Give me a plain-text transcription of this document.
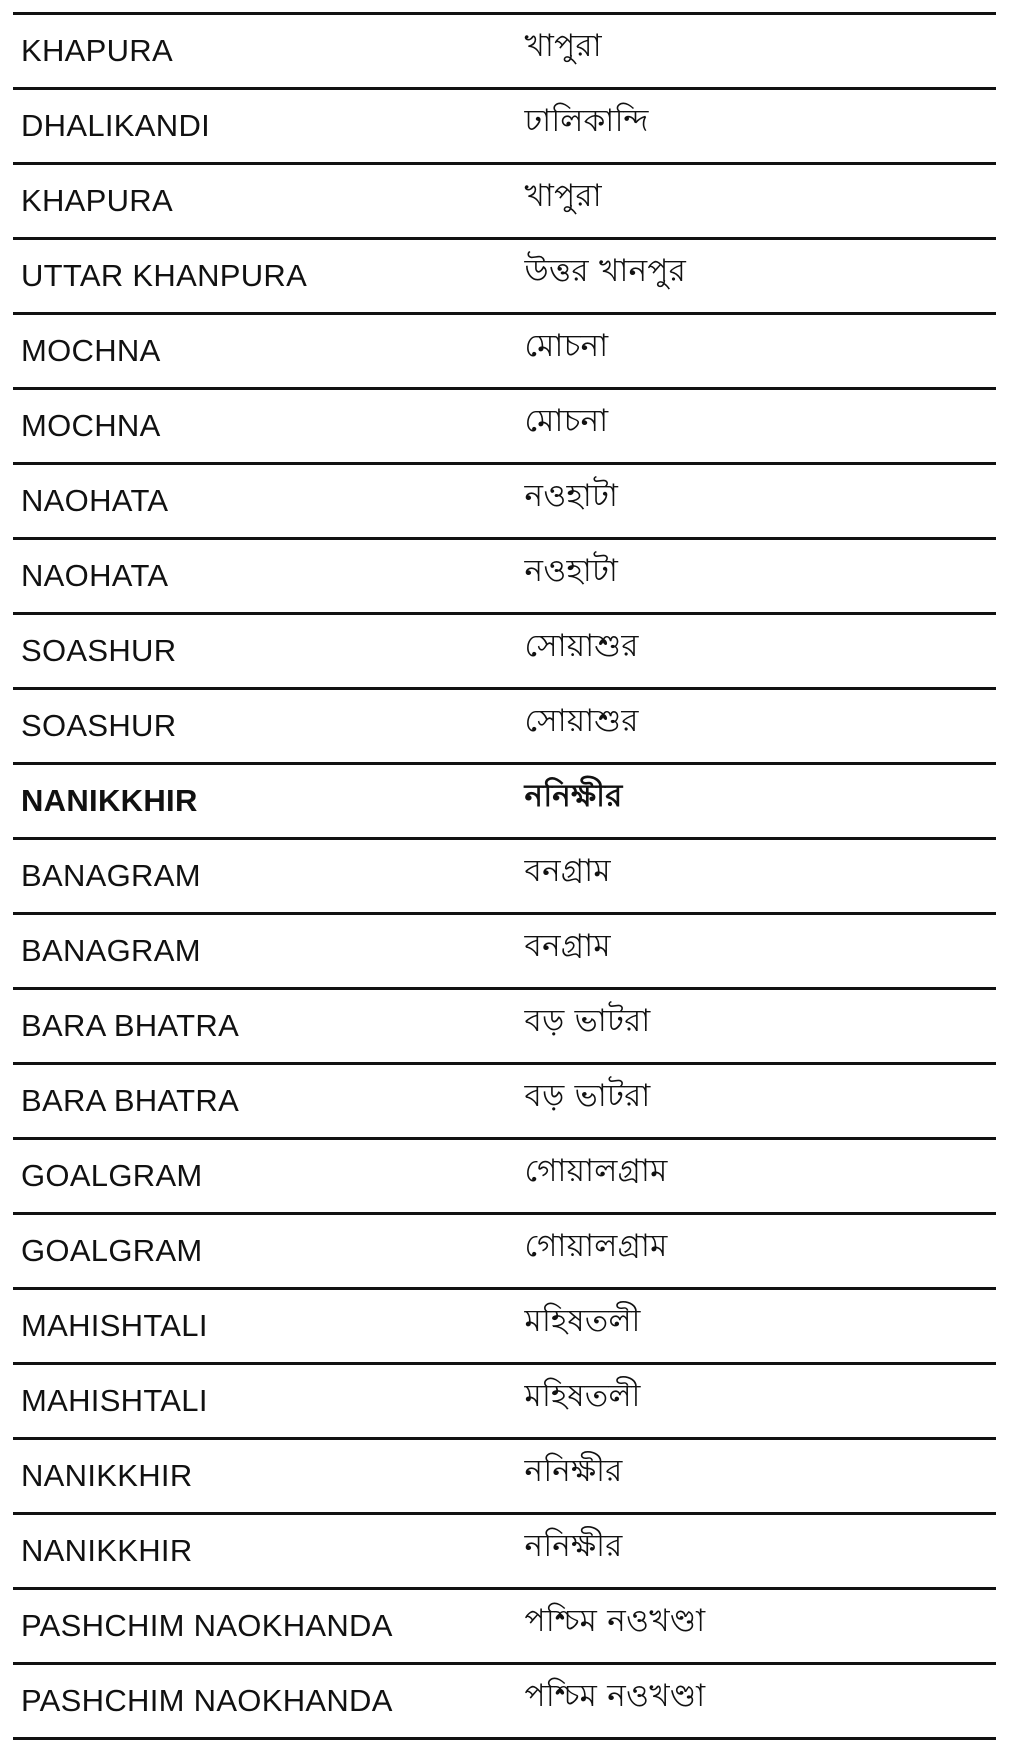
KHAPURA	খাপুরা
DHALIKANDI	ঢালিকান্দি
KHAPURA	খাপুরা
UTTAR KHANPURA	উত্তর খানপুর
MOCHNA	মোচনা
MOCHNA	মোচনা
NAOHATA	নওহাটা
NAOHATA	নওহাটা
SOASHUR	সোয়াশুর
SOASHUR	সোয়াশুর
NANIKKHIR	ননিক্ষীর
BANAGRAM	বনগ্রাম
BANAGRAM	বনগ্রাম
BARA BHATRA	বড় ভাটরা
BARA BHATRA	বড় ভাটরা
GOALGRAM	গোয়ালগ্রাম
GOALGRAM	গোয়ালগ্রাম
MAHISHTALI	মহিষতলী
MAHISHTALI	মহিষতলী
NANIKKHIR	ননিক্ষীর
NANIKKHIR	ননিক্ষীর
PASHCHIM NAOKHANDA	পশ্চিম নওখণ্ডা
PASHCHIM NAOKHANDA	পশ্চিম নওখণ্ডা
